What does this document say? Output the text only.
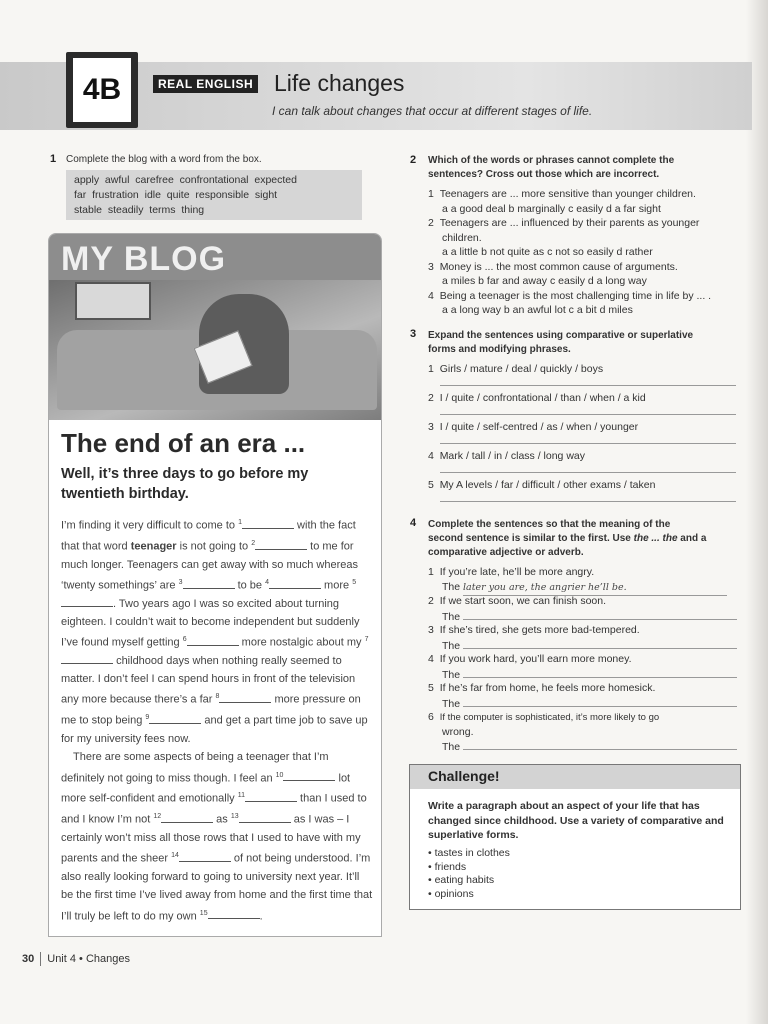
4B	REAL ENGLISH Life changes
I can talk about changes that occur at different stages of life.
1 Complete the blog with a word from the box.
apply  awful  carefree  confrontational  expected
far  frustration  idle  quite  responsible  sight
stable  steadily  terms  thing
MY BLOG
The end of an era ...
Well, it’s three days to go before my twentieth birthday.

I’m finding it very difficult to come to $^1$	with the fact that that word teenager is not going to $^2$	to me for much longer. Teenagers can get away with so much whereas ‘twenty somethings’ are $^3$	to be $^4$	more $^5$. Two years ago I was so excited about turning eighteen. I couldn’t wait to become independent but suddenly I’ve found myself getting $^6$	more nostalgic about my $^7$ childhood days when nothing really seemed to matter. I don’t feel I can spend hours in front of the television any more because there’s a far $^8$	more pressure on me to stop being $^9$	and get a part time job to save up for my university fees now.

There are some aspects of being a teenager that I’m definitely not going to miss though. I feel an $^{10}$	lot more self-confident and emotionally $^{11}$	than I used to and I know I’m not $^{12}$	as $^{13}$	as I was – I certainly won’t miss all those rows that I used to have with my parents and the sheer $^{14}$	of not being understood. I’m also really looking forward to going to university next year. It’ll be the first time I’ve lived away from home and the first time that I’ll truly be left to do my own $^{15}$	.

2 Which of the words or phrases cannot complete the
sentences? Cross out those which are incorrect.
1 Teenagers are ... more sensitive than younger children.
a a good deal b marginally c easily d a far sight
2 Teenagers are ... influenced by their parents as younger
children.
a a little b not quite as c not so easily d rather
3 Money is ... the most common cause of arguments.
a miles b far and away c easily d a long way
4 Being a teenager is the most challenging time in life by ... .
a a long way b an awful lot c a bit d miles
3 Expand the sentences using comparative or superlative
forms and modifying phrases.
1 Girls / mature / deal / quickly / boys
2 I / quite / confrontational / than / when / a kid
3 I / quite / self-centred / as / when / younger
4 Mark / tall / in / class / long way
5 My A levels / far / difficult / other exams / taken
4 Complete the sentences so that the meaning of the
second sentence is similar to the first. Use the ... the and a
comparative adjective or adverb.
1 If you’re late, he’ll be more angry.
The later you are, the angrier he’ll be.
2 If we start soon, we can finish soon.
The
3 If she’s tired, she gets more bad-tempered.
The
4 If you work hard, you’ll earn more money.
The
5 If he’s far from home, he feels more homesick.
The
6 If the computer is sophisticated, it’s more likely to go
wrong.
The
Challenge!
Write a paragraph about an aspect of your life that has changed since childhood. Use a variety of comparative and superlative forms.
• tastes in clothes
• friends
• eating habits
• opinions
30 Unit 4 • Changes
